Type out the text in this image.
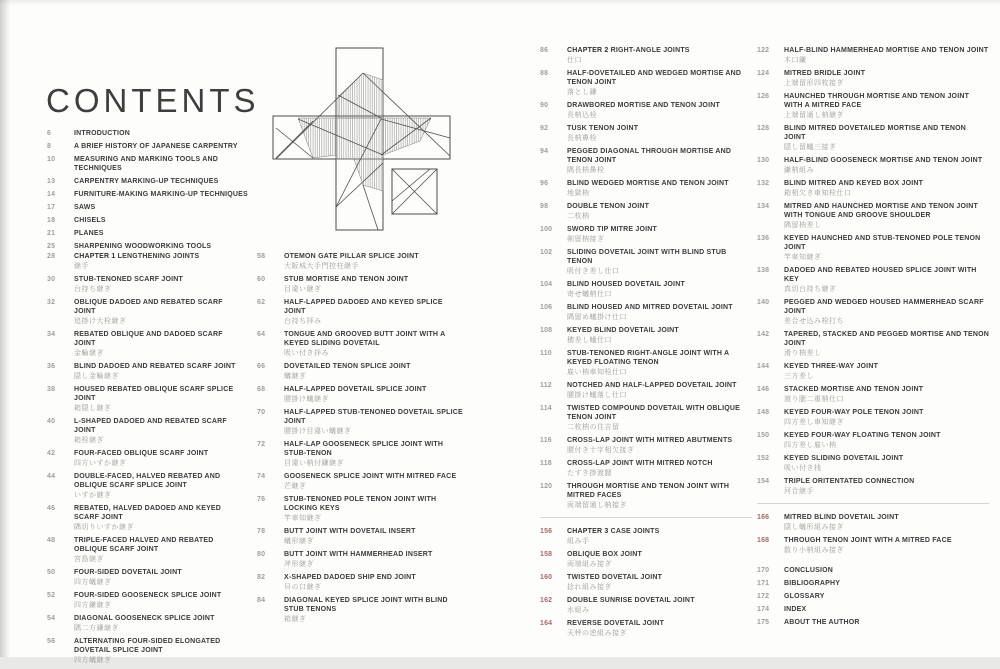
CONTENTS
6	INTRODUCTION
8	A BRIEF HISTORY OF JAPANESE CARPENTRY
10	MEASURING AND MARKING TOOLS AND TECHNIQUES
13	CARPENTRY MARKING-UP TECHNIQUES
14	FURNITURE-MAKING MARKING-UP TECHNIQUES
17	SAWS
18	CHISELS
21	PLANES
25	SHARPENING WOODWORKING TOOLS
28	CHAPTER 1 LENGTHENING JOINTS
継手
30	STUB-TENONED SCARF JOINT
台持ち継ぎ
32	OBLIQUE DADOED AND REBATED SCARF JOINT
追掛け大栓継ぎ
34	REBATED OBLIQUE AND DADOED SCARF JOINT
金輪継ぎ
36	BLIND DADOED AND REBATED SCARF JOINT
隠し金輪継ぎ
38	HOUSED REBATED OBLIQUE SCARF SPLICE JOINT
箱隠し継ぎ
40	L-SHAPED DADOED AND REBATED SCARF JOINT
箱栓継ぎ
42	FOUR-FACED OBLIQUE SCARF JOINT
四方いすか継ぎ
44	DOUBLE-FACED, HALVED REBATED AND OBLIQUE SCARF SPLICE JOINT
いすか継ぎ
46	REBATED, HALVED DADOED AND KEYED SCARF JOINT
隅切りいすか継ぎ
48	TRIPLE-FACED HALVED AND REBATED OBLIQUE SCARF JOINT
宮島継ぎ
50	FOUR-SIDED DOVETAIL JOINT
四方蟻継ぎ
52	FOUR-SIDED GOOSENECK SPLICE JOINT
四方鎌継ぎ
54	DIAGONAL GOOSENECK SPLICE JOINT
隅二方鎌継ぎ
56	ALTERNATING FOUR-SIDED ELONGATED DOVETAIL SPLICE JOINT
四方蟻継ぎ
58	OTEMON GATE PILLAR SPLICE JOINT
大阪城大手門控柱継手
60	STUB MORTISE AND TENON JOINT
目違い継ぎ
62	HALF-LAPPED DADOED AND KEYED SPLICE JOINT
台持ち拝み
64	TONGUE AND GROOVED BUTT JOINT WITH A KEYED SLIDING DOVETAIL
吸い付き拝み
66	DOVETAILED TENON SPLICE JOINT
蟻継ぎ
68	HALF-LAPPED DOVETAIL SPLICE JOINT
腰掛け蟻継ぎ
70	HALF-LAPPED STUB-TENONED DOVETAIL SPLICE JOINT
腰掛け目違い蟻継ぎ
72	HALF-LAP GOOSENECK SPLICE JOINT WITH STUB-TENON
目違い枘付鎌継ぎ
74	GOOSENECK SPLICE JOINT WITH MITRED FACE
芒継ぎ
76	STUB-TENONED POLE TENON JOINT WITH LOCKING KEYS
竿車知継ぎ
78	BUTT JOINT WITH DOVETAIL INSERT
蟻形継ぎ
80	BUTT JOINT WITH HAMMERHEAD INSERT
斧形継ぎ
82	X-SHAPED DADOED SHIP END JOINT
貝の口継ぎ
84	DIAGONAL KEYED SPLICE JOINT WITH BLIND STUB TENONS
箱継ぎ
86	CHAPTER 2 RIGHT-ANGLE JOINTS
仕口
88	HALF-DOVETAILED AND WEDGED MORTISE AND TENON JOINT
落とし鎌
90	DRAWBORED MORTISE AND TENON JOINT
長枘込栓
92	TUSK TENON JOINT
長枘鼻栓
94	PEGGED DIAGONAL THROUGH MORTISE AND TENON JOINT
隅長枘鼻栓
96	BLIND WEDGED MORTISE AND TENON JOINT
地獄枘
98	DOUBLE TENON JOINT
二枚枘
100	SWORD TIP MITRE JOINT
剣留枘接ぎ
102	SLIDING DOVETAIL JOINT WITH BLIND STUB TENON
吸付き差し仕口
104	BLIND HOUSED DOVETAIL JOINT
寄せ蟻枘仕口
106	BLIND HOUSED AND MITRED DOVETAIL JOINT
隅留め蟻掛け仕口
108	KEYED BLIND DOVETAIL JOINT
穂差し蟻仕口
110	STUB-TENONED RIGHT-ANGLE JOINT WITH A KEYED FLOATING TENON
雇い枘車知栓仕口
112	NOTCHED AND HALF-LAPPED DOVETAIL JOINT
腰掛け蟻落し仕口
114	TWISTED COMPOUND DOVETAIL WITH OBLIQUE TENON JOINT
二枚枘の住吉留
116	CROSS-LAP JOINT WITH MITRED ABUTMENTS
腰付き十字相欠接ぎ
118	CROSS-LAP JOINT WITH MITRED NOTCH
たすき掛渡腮
120	THROUGH MORTISE AND TENON JOINT WITH MITRED FACES
両端留通し枘接ぎ
156	CHAPTER 3 CASE JOINTS
組み手
158	OBLIQUE BOX JOINT
両端組み接ぎ
160	TWISTED DOVETAIL JOINT
捻れ組み接ぎ
162	DOUBLE SUNRISE DOVETAIL JOINT
水組み
164	REVERSE DOVETAIL JOINT
天秤の逆組み接ぎ
122	HALF-BLIND HAMMERHEAD MORTISE AND TENON JOINT
木口鎌
124	MITRED BRIDLE JOINT
上端留形四枚接ぎ
126	HAUNCHED THROUGH MORTISE AND TENON JOINT WITH A MITRED FACE
上端留通し枘継ぎ
128	BLIND MITRED DOVETAILED MORTISE AND TENON JOINT
隠し留蟻三接ぎ
130	HALF-BLIND GOOSENECK MORTISE AND TENON JOINT
鎌枘組み
132	BLIND MITRED AND KEYED BOX JOINT
箱相欠き車知栓仕口
134	MITRED AND HAUNCHED MORTISE AND TENON JOINT WITH TONGUE AND GROOVE SHOULDER
隅留枘差し
136	KEYED HAUNCHED AND STUB-TENONED POLE TENON JOINT
竿車知継ぎ
138	DADOED AND REBATED HOUSED SPLICE JOINT WITH KEY
真切台持ち継ぎ
140	PEGGED AND WEDGED HOUSED HAMMERHEAD SCARF JOINT
差合せ込み栓打ち
142	TAPERED, STACKED AND PEGGED MORTISE AND TENON JOINT
滑り枘差し
144	KEYED THREE-WAY JOINT
三方差し
146	STACKED MORTISE AND TENON JOINT
渡り腮二重枘仕口
148	KEYED FOUR-WAY POLE TENON JOINT
四方差し車知継ぎ
150	KEYED FOUR-WAY FLOATING TENON JOINT
四方差し雇い枘
152	KEYED SLIDING DOVETAIL JOINT
吸い付き桟
154	TRIPLE ORITENTATED CONNECTION
河合継手
166	MITRED BLIND DOVETAIL JOINT
隠し蟻形組み接ぎ
168	THROUGH TENON JOINT WITH A MITRED FACE
散り小枘組み接ぎ
170	CONCLUSION
171	BIBLIOGRAPHY
172	GLOSSARY
174	INDEX
175	ABOUT THE AUTHOR
